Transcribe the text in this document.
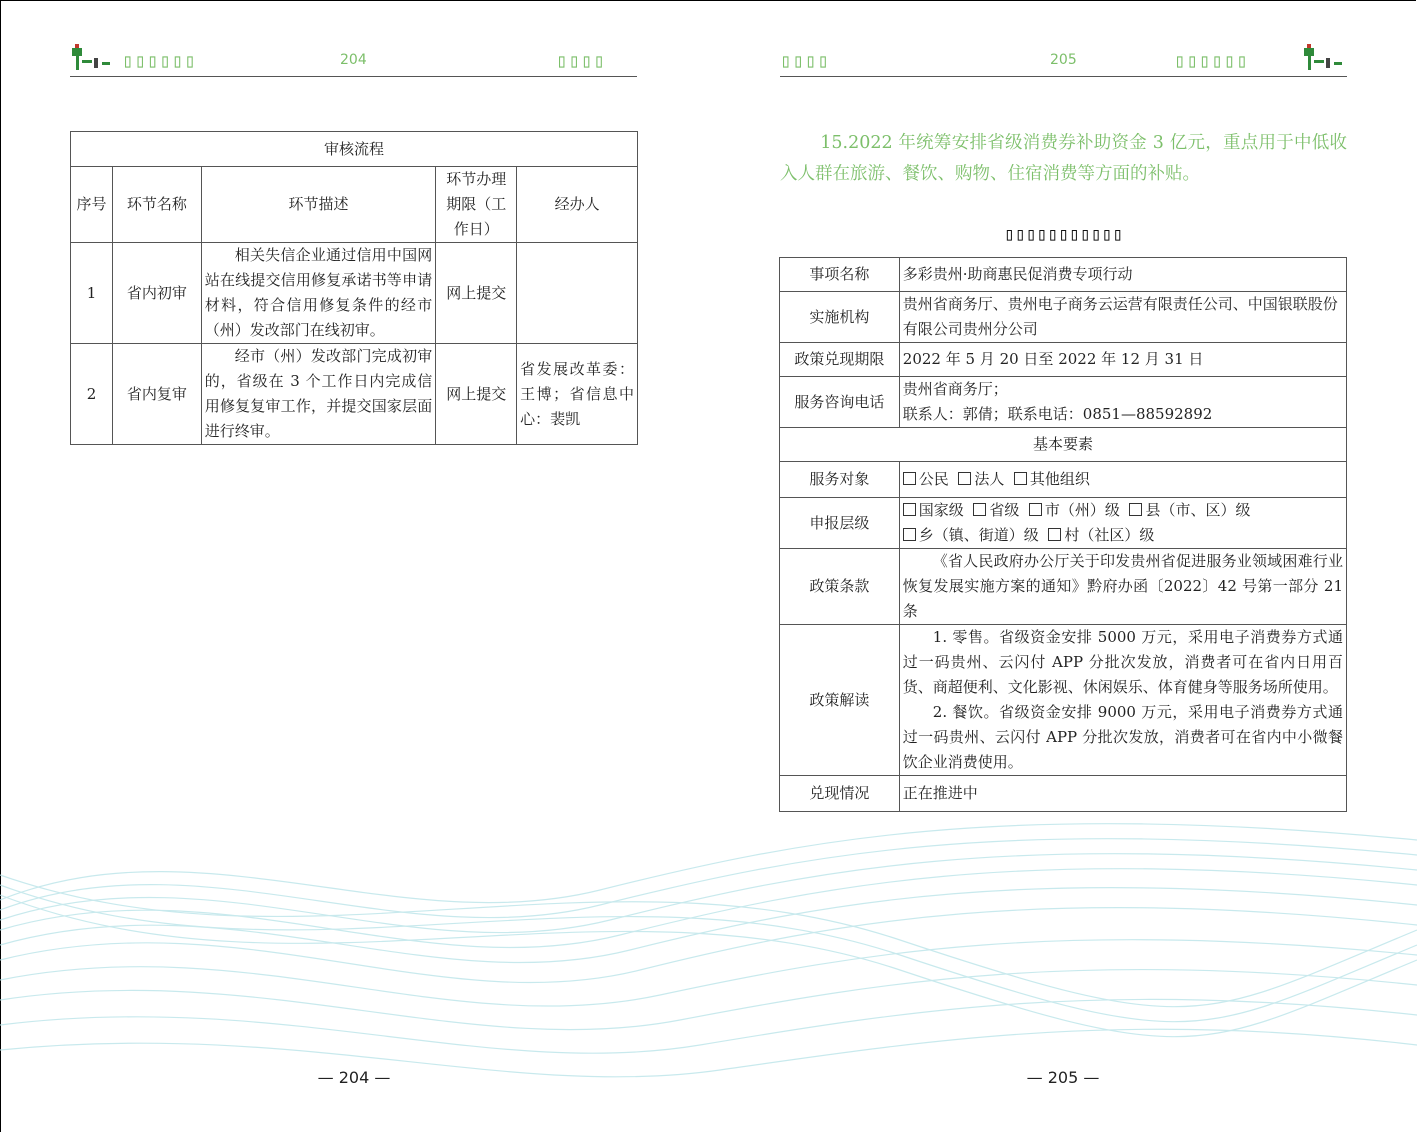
▯▯▯▯▯▯	204	▯▯▯▯
审核流程				
序号	环节名称	环节描述	环节办理期限（工作日）	经办人
1	省内初审	相关失信企业通过信用中国网站在线提交信用修复承诺书等申请材料，符合信用修复条件的经市（州）发改部门在线初审。	网上提交	
2	省内复审	经市（州）发改部门完成初审的，省级在 3 个工作日内完成信用修复复审工作，并提交国家层面进行终审。	网上提交	省发展改革委：王博；省信息中心：裴凯
— 204 —
▯▯▯▯	205	▯▯▯▯▯▯
15.2022 年统筹安排省级消费券补助资金 3 亿元，重点用于中低收入人群在旅游、餐饮、购物、住宿消费等方面的补贴。
▯▯▯▯▯▯▯▯▯▯▯
事项名称	多彩贵州·助商惠民促消费专项行动
实施机构	贵州省商务厅、贵州电子商务云运营有限责任公司、中国银联股份有限公司贵州分公司
政策兑现期限	2022 年 5 月 20 日至 2022 年 12 月 31 日
服务咨询电话	贵州省商务厅；
联系人：郭倩；联系电话：0851—88592892

基本要素	
服务对象	公民 法人 其他组织
申报层级	国家级 省级 市（州）级 县（市、区）级
乡（镇、街道）级 村（社区）级

政策条款	《省人民政府办公厅关于印发贵州省促进服务业领域困难行业恢复发展实施方案的通知》黔府办函〔2022〕42 号第一部分 21 条
政策解读	1. 零售。省级资金安排 5000 万元，采用电子消费券方式通过一码贵州、云闪付 APP 分批次发放，消费者可在省内日用百货、商超便利、文化影视、休闲娱乐、体育健身等服务场所使用。
2. 餐饮。省级资金安排 9000 万元，采用电子消费券方式通过一码贵州、云闪付 APP 分批次发放，消费者可在省内中小微餐饮企业消费使用。

兑现情况	正在推进中
— 205 —
